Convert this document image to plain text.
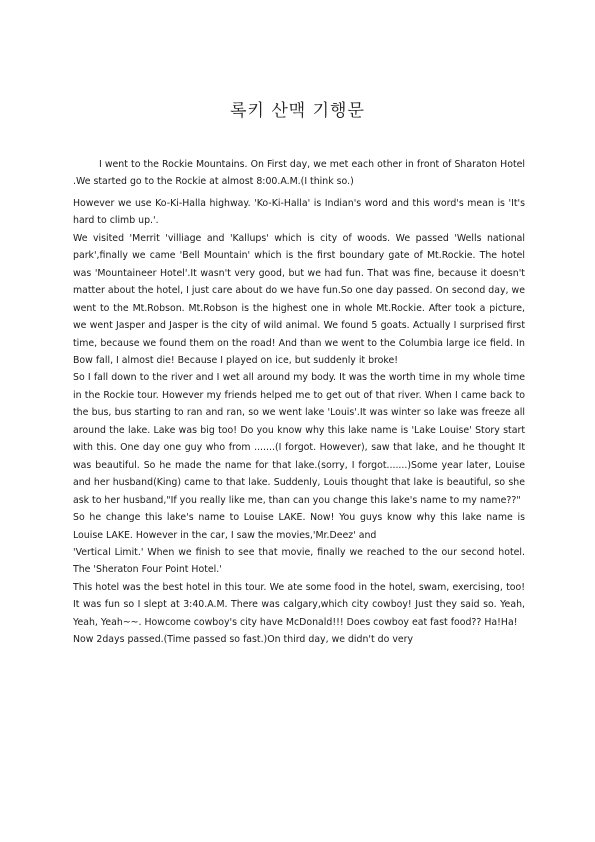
록키 산맥 기행문

I went to the Rockie Mountains. On First day, we met each other in front of Sharaton Hotel .We started go to the Rockie at almost 8:00.A.M.(I think so.)

However we use Ko-Ki-Halla highway. 'Ko-Ki-Halla' is Indian's word and this word's mean is 'It's hard to climb up.'.

We visited 'Merrit 'villiage and 'Kallups' which is city of woods. We passed 'Wells national park',finally we came 'Bell Mountain' which is the first boundary gate of Mt.Rockie. The hotel was 'Mountaineer Hotel'.It wasn't very good, but we had fun. That was fine, because it doesn't matter about the hotel, I just care about do we have fun.So one day passed. On second day, we went to the Mt.Robson. Mt.Robson is the highest one in whole Mt.Rockie. After took a picture, we went Jasper and Jasper is the city of wild animal. We found 5 goats. Actually I surprised first time, because we found them on the road! And than we went to the Columbia large ice field. In Bow fall, I almost die! Because I played on ice, but suddenly it broke!

So I fall down to the river and I wet all around my body. It was the worth time in my whole time in the Rockie tour. However my friends helped me to get out of that river. When I came back to the bus, bus starting to ran and ran, so we went lake 'Louis'.It was winter so lake was freeze all around the lake. Lake was big too! Do you know why this lake name is 'Lake Louise' Story start with this. One day one guy who from .......(I forgot. However), saw that lake, and he thought It was beautiful. So he made the name for that lake.(sorry, I forgot.......)Some year later, Louise and her husband(King) came to that lake. Suddenly, Louis thought that lake is beautiful, so she ask to her husband,"If you really like me, than can you change this lake's name to my name??"

So he change this lake's name to Louise LAKE. Now! You guys know why this lake name is Louise LAKE. However in the car, I saw the movies,'Mr.Deez' and

'Vertical Limit.' When we finish to see that movie, finally we reached to the our second hotel. The 'Sheraton Four Point Hotel.'

This hotel was the best hotel in this tour. We ate some food in the hotel, swam, exercising, too! It was fun so I slept at 3:40.A.M. There was calgary,which city cowboy! Just they said so. Yeah, Yeah, Yeah~~. Howcome cowboy's city have McDonald!!! Does cowboy eat fast food?? Ha!Ha!

Now 2days passed.(Time passed so fast.)On third day, we didn't do very
